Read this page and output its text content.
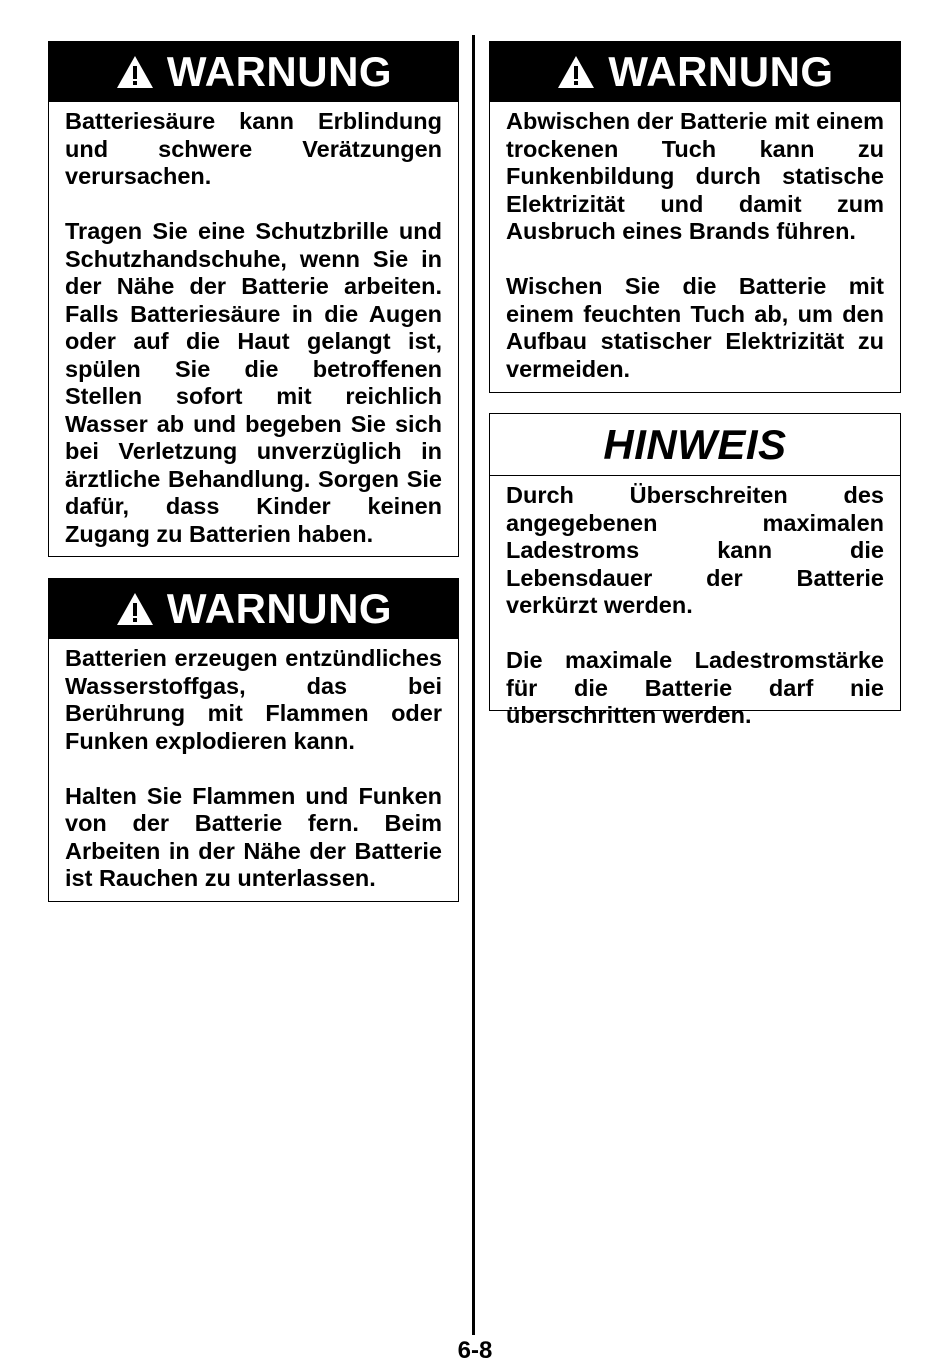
WARNUNG

Batteriesäure kann Erblindung und schwere Verätzungen verursachen.

Tragen Sie eine Schutzbrille und Schutzhandschuhe, wenn Sie in der Nähe der Batterie arbeiten. Falls Batteriesäure in die Augen oder auf die Haut gelangt ist, spülen Sie die betroffenen Stellen sofort mit reichlich Wasser ab und begeben Sie sich bei Verletzung unverzüglich in ärztliche Behandlung. Sorgen Sie dafür, dass Kinder keinen Zugang zu Batterien haben.

WARNUNG

Batterien erzeugen entzündliches Wasserstoffgas, das bei Berührung mit Flammen oder Funken explodieren kann.

Halten Sie Flammen und Funken von der Batterie fern. Beim Arbeiten in der Nähe der Batterie ist Rauchen zu unterlassen.

WARNUNG

Abwischen der Batterie mit einem trockenen Tuch kann zu Funkenbildung durch statische Elektrizität und damit zum Ausbruch eines Brands führen.

Wischen Sie die Batterie mit einem feuchten Tuch ab, um den Aufbau statischer Elektrizität zu vermeiden.

HINWEIS

Durch Überschreiten des angegebenen maximalen Ladestroms kann die Lebensdauer der Batterie verkürzt werden.

Die maximale Ladestromstärke für die Batterie darf nie überschritten werden.

6-8
